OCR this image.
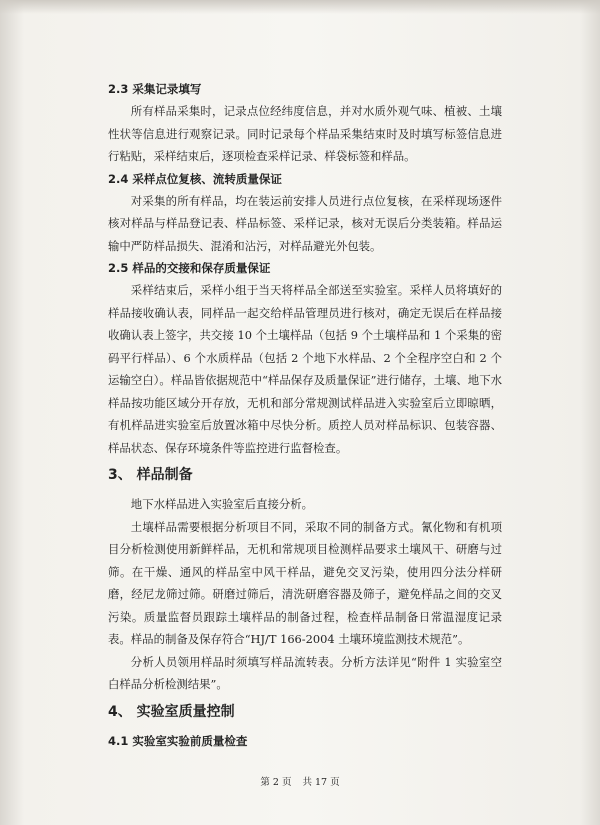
2.3 采集记录填写

所有样品采集时，记录点位经纬度信息，并对水质外观气味、植被、土壤性状等信息进行观察记录。同时记录每个样品采集结束时及时填写标签信息进行粘贴，采样结束后，逐项检查采样记录、样袋标签和样品。

2.4 采样点位复核、流转质量保证

对采集的所有样品，均在装运前安排人员进行点位复核，在采样现场逐件核对样品与样品登记表、样品标签、采样记录，核对无误后分类装箱。样品运输中严防样品损失、混淆和沾污，对样品避光外包装。

2.5 样品的交接和保存质量保证

采样结束后，采样小组于当天将样品全部送至实验室。采样人员将填好的样品接收确认表，同样品一起交给样品管理员进行核对，确定无误后在样品接收确认表上签字，共交接 10 个土壤样品（包括 9 个土壤样品和 1 个采集的密码平行样品）、6 个水质样品（包括 2 个地下水样品、2 个全程序空白和 2 个运输空白）。样品皆依据规范中“样品保存及质量保证”进行储存，土壤、地下水样品按功能区域分开存放，无机和部分常规测试样品进入实验室后立即晾晒，有机样品进实验室后放置冰箱中尽快分析。质控人员对样品标识、包装容器、样品状态、保存环境条件等监控进行监督检查。

3、 样品制备

地下水样品进入实验室后直接分析。

土壤样品需要根据分析项目不同，采取不同的制备方式。氰化物和有机项目分析检测使用新鲜样品，无机和常规项目检测样品要求土壤风干、研磨与过筛。在干燥、通风的样品室中风干样品，避免交叉污染，使用四分法分样研磨，经尼龙筛过筛。研磨过筛后，清洗研磨容器及筛子，避免样品之间的交叉污染。质量监督员跟踪土壤样品的制备过程，检查样品制备日常温湿度记录表。样品的制备及保存符合“HJ/T 166-2004 土壤环境监测技术规范”。

分析人员领用样品时须填写样品流转表。分析方法详见“附件 1 实验室空白样品分析检测结果”。

4、 实验室质量控制
4.1 实验室实验前质量检查
第 2 页 共 17 页
